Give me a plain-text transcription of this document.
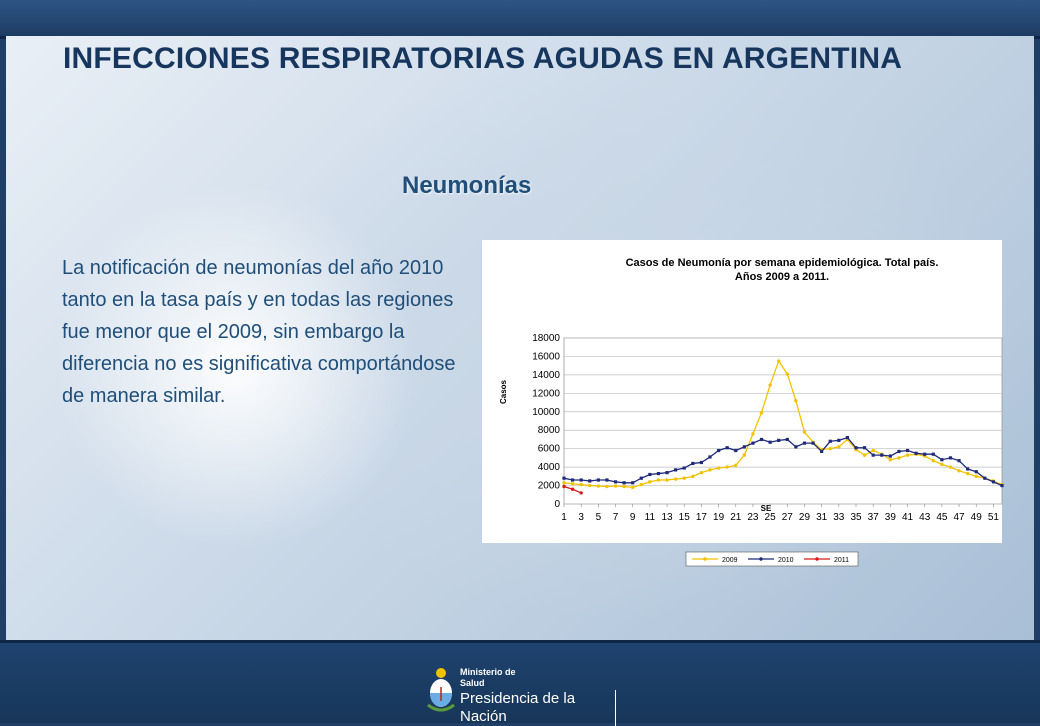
INFECCIONES RESPIRATORIAS AGUDAS EN ARGENTINA
Neumonías

La notificación de neumonías del año 2010 tanto en la tasa país y en todas las regiones fue menor que el 2009, sin embargo la diferencia no es significativa comportándose de manera similar.

Casos de Neumonía por semana epidemiológica. Total país.
Años 2009 a 2011.
Casos
SE
0
2000
4000
6000
8000
10000
12000
14000
16000
18000
1 3 5 7 9 11 13 15 17 19 21 23 25 27 29 31 33 35 37 39 41 43 45 47 49 51
2009	2010	2011
Ministerio de
Salud
Presidencia de la Nación
